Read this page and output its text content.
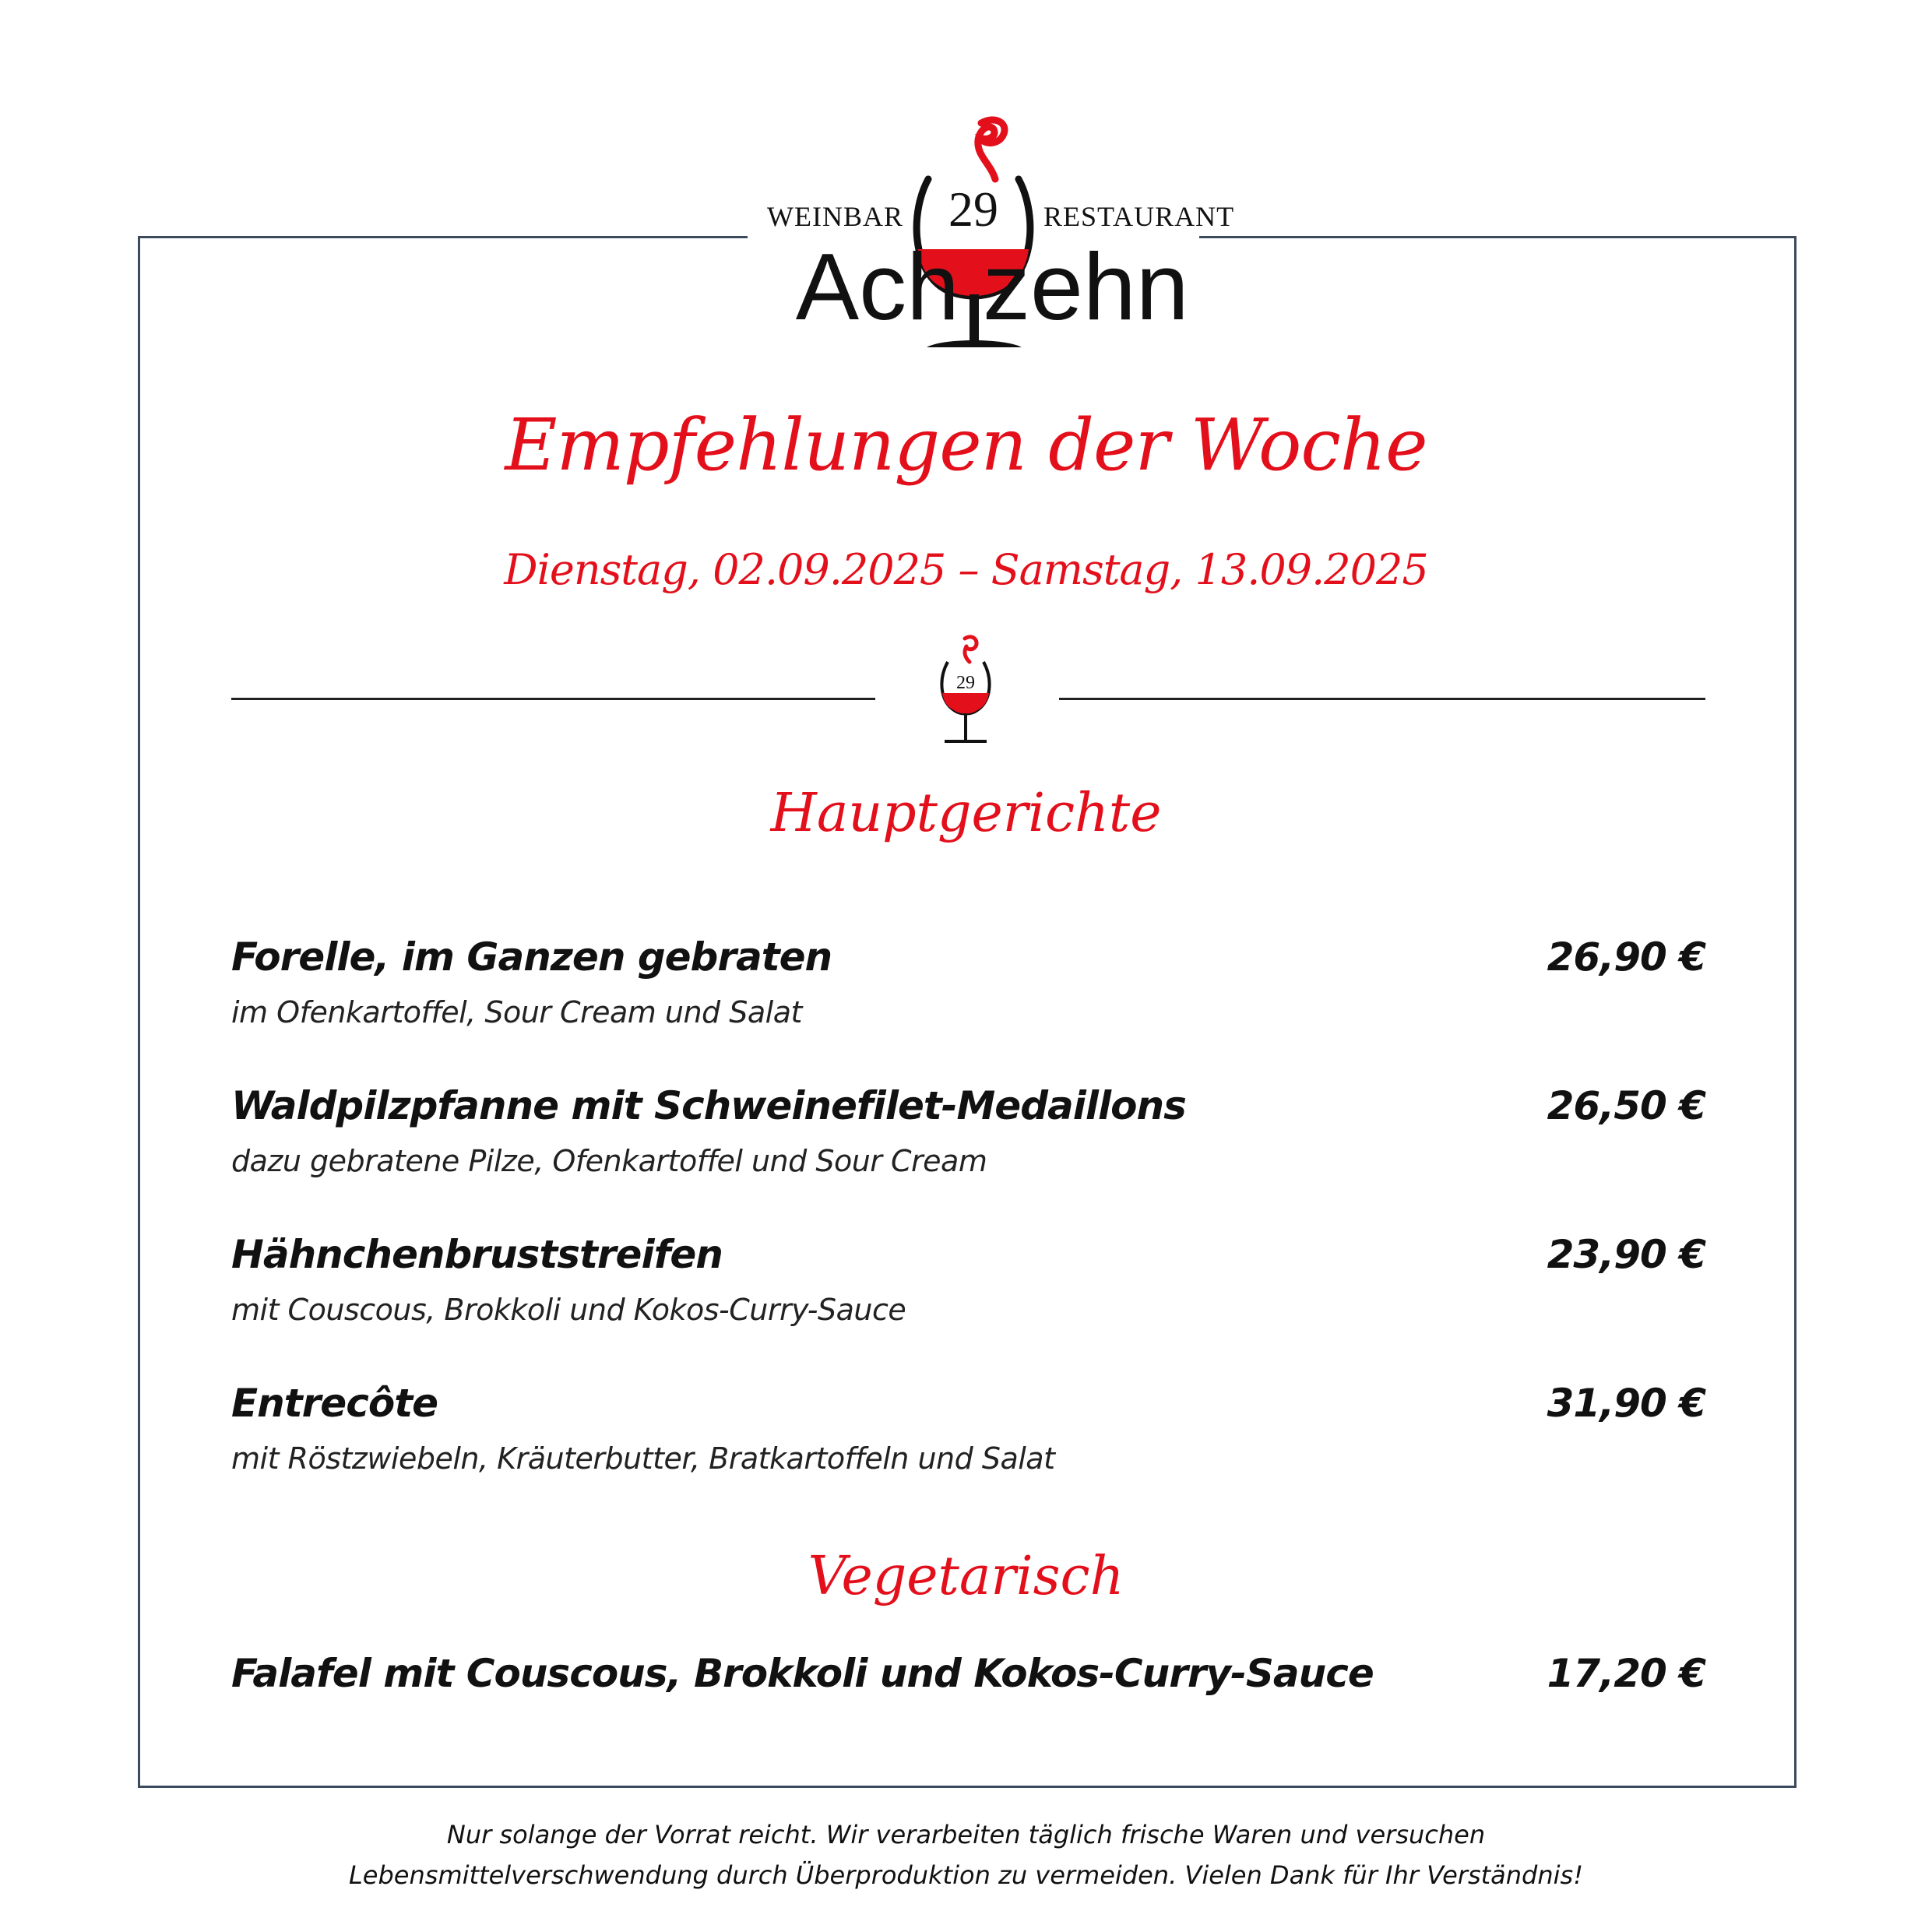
29
WEINBAR	RESTAURANT
Ach zehn
Empfehlungen der Woche
Dienstag, 02.09.2025 – Samstag, 13.09.2025
29
Hauptgerichte
Forelle, im Ganzen gebraten	26,90 €
im Ofenkartoffel, Sour Cream und Salat
Waldpilzpfanne mit Schweinefilet-Medaillons	26,50 €
dazu gebratene Pilze, Ofenkartoffel und Sour Cream
Hähnchenbruststreifen	23,90 €
mit Couscous, Brokkoli und Kokos-Curry-Sauce
Entrecôte	31,90 €
mit Röstzwiebeln, Kräuterbutter, Bratkartoffeln und Salat
Vegetarisch
Falafel mit Couscous, Brokkoli und Kokos-Curry-Sauce	17,20 €
Nur solange der Vorrat reicht. Wir verarbeiten täglich frische Waren und versuchen
Lebensmittelverschwendung durch Überproduktion zu vermeiden. Vielen Dank für Ihr Verständnis!
